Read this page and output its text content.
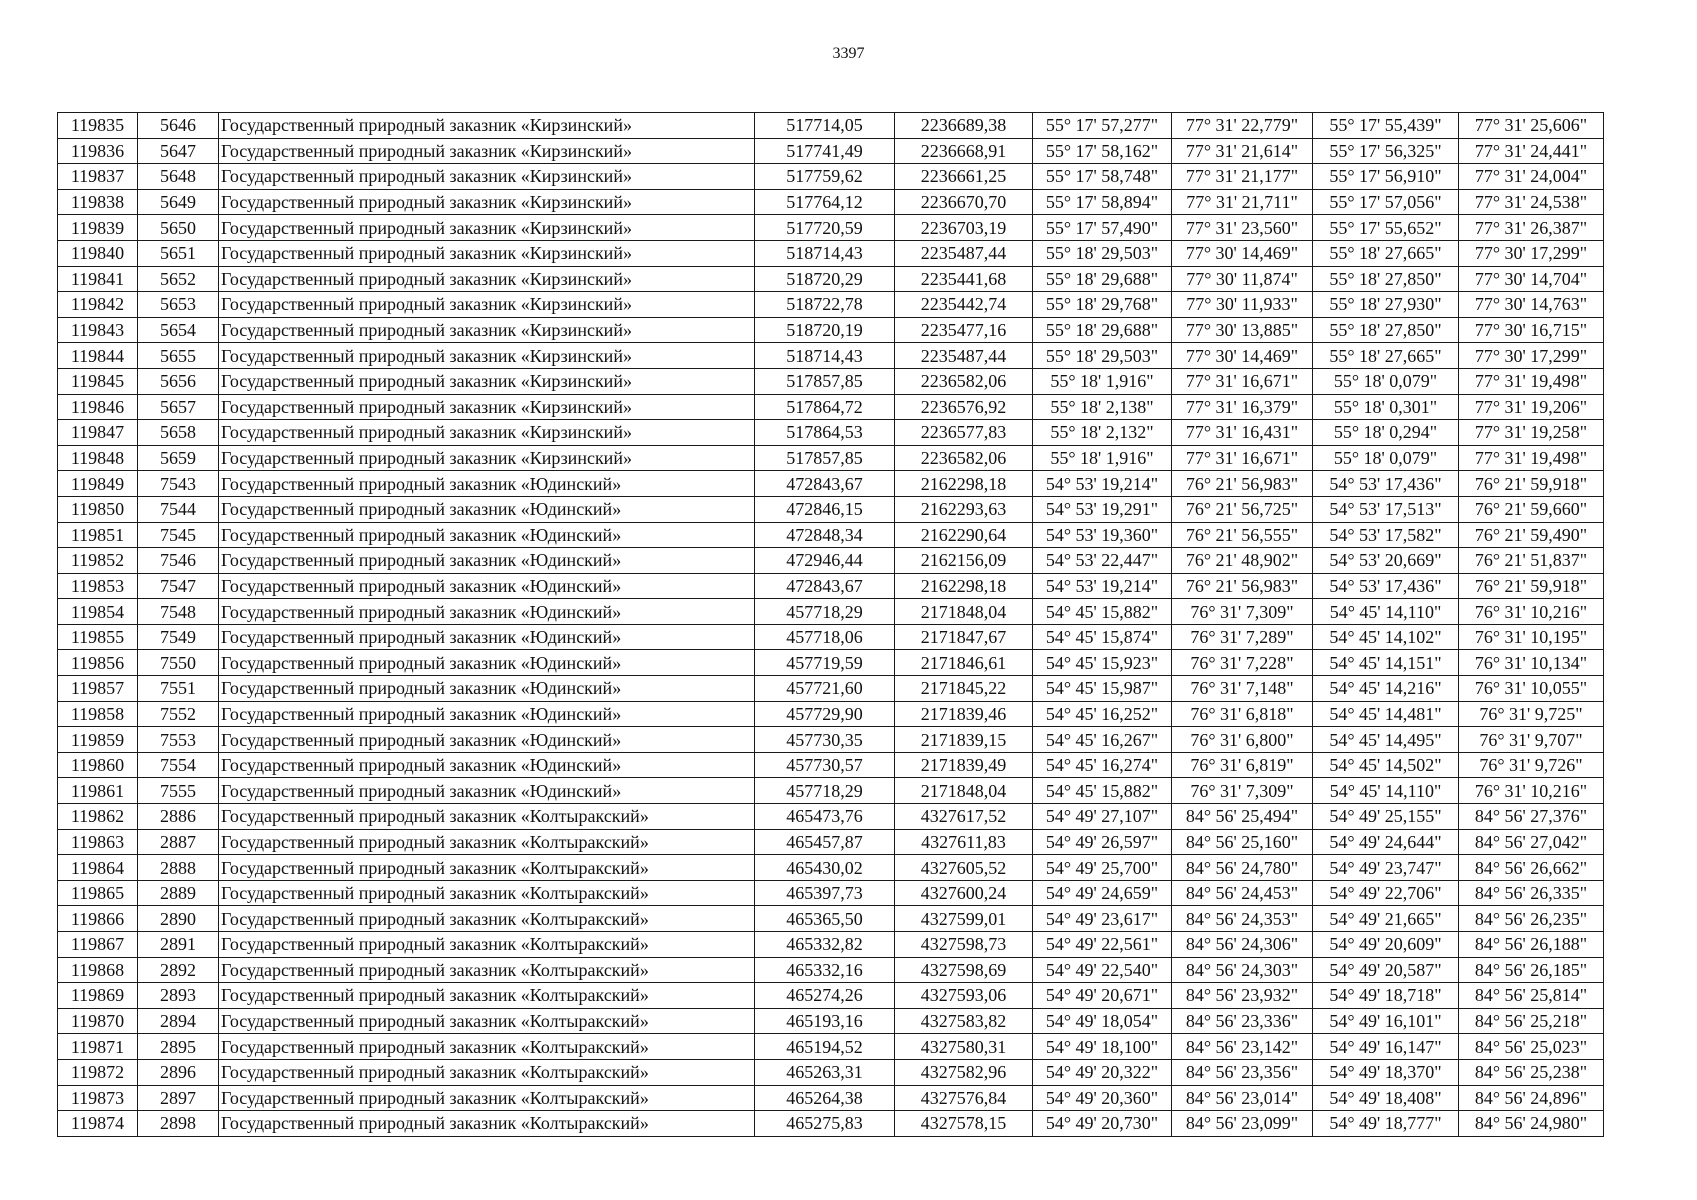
3397
119835	5646	Государственный природный заказник «Кирзинский»	517714,05	2236689,38	55° 17' 57,277"	77° 31' 22,779"	55° 17' 55,439"	77° 31' 25,606"
119836	5647	Государственный природный заказник «Кирзинский»	517741,49	2236668,91	55° 17' 58,162"	77° 31' 21,614"	55° 17' 56,325"	77° 31' 24,441"
119837	5648	Государственный природный заказник «Кирзинский»	517759,62	2236661,25	55° 17' 58,748"	77° 31' 21,177"	55° 17' 56,910"	77° 31' 24,004"
119838	5649	Государственный природный заказник «Кирзинский»	517764,12	2236670,70	55° 17' 58,894"	77° 31' 21,711"	55° 17' 57,056"	77° 31' 24,538"
119839	5650	Государственный природный заказник «Кирзинский»	517720,59	2236703,19	55° 17' 57,490"	77° 31' 23,560"	55° 17' 55,652"	77° 31' 26,387"
119840	5651	Государственный природный заказник «Кирзинский»	518714,43	2235487,44	55° 18' 29,503"	77° 30' 14,469"	55° 18' 27,665"	77° 30' 17,299"
119841	5652	Государственный природный заказник «Кирзинский»	518720,29	2235441,68	55° 18' 29,688"	77° 30' 11,874"	55° 18' 27,850"	77° 30' 14,704"
119842	5653	Государственный природный заказник «Кирзинский»	518722,78	2235442,74	55° 18' 29,768"	77° 30' 11,933"	55° 18' 27,930"	77° 30' 14,763"
119843	5654	Государственный природный заказник «Кирзинский»	518720,19	2235477,16	55° 18' 29,688"	77° 30' 13,885"	55° 18' 27,850"	77° 30' 16,715"
119844	5655	Государственный природный заказник «Кирзинский»	518714,43	2235487,44	55° 18' 29,503"	77° 30' 14,469"	55° 18' 27,665"	77° 30' 17,299"
119845	5656	Государственный природный заказник «Кирзинский»	517857,85	2236582,06	55° 18' 1,916"	77° 31' 16,671"	55° 18' 0,079"	77° 31' 19,498"
119846	5657	Государственный природный заказник «Кирзинский»	517864,72	2236576,92	55° 18' 2,138"	77° 31' 16,379"	55° 18' 0,301"	77° 31' 19,206"
119847	5658	Государственный природный заказник «Кирзинский»	517864,53	2236577,83	55° 18' 2,132"	77° 31' 16,431"	55° 18' 0,294"	77° 31' 19,258"
119848	5659	Государственный природный заказник «Кирзинский»	517857,85	2236582,06	55° 18' 1,916"	77° 31' 16,671"	55° 18' 0,079"	77° 31' 19,498"
119849	7543	Государственный природный заказник «Юдинский»	472843,67	2162298,18	54° 53' 19,214"	76° 21' 56,983"	54° 53' 17,436"	76° 21' 59,918"
119850	7544	Государственный природный заказник «Юдинский»	472846,15	2162293,63	54° 53' 19,291"	76° 21' 56,725"	54° 53' 17,513"	76° 21' 59,660"
119851	7545	Государственный природный заказник «Юдинский»	472848,34	2162290,64	54° 53' 19,360"	76° 21' 56,555"	54° 53' 17,582"	76° 21' 59,490"
119852	7546	Государственный природный заказник «Юдинский»	472946,44	2162156,09	54° 53' 22,447"	76° 21' 48,902"	54° 53' 20,669"	76° 21' 51,837"
119853	7547	Государственный природный заказник «Юдинский»	472843,67	2162298,18	54° 53' 19,214"	76° 21' 56,983"	54° 53' 17,436"	76° 21' 59,918"
119854	7548	Государственный природный заказник «Юдинский»	457718,29	2171848,04	54° 45' 15,882"	76° 31' 7,309"	54° 45' 14,110"	76° 31' 10,216"
119855	7549	Государственный природный заказник «Юдинский»	457718,06	2171847,67	54° 45' 15,874"	76° 31' 7,289"	54° 45' 14,102"	76° 31' 10,195"
119856	7550	Государственный природный заказник «Юдинский»	457719,59	2171846,61	54° 45' 15,923"	76° 31' 7,228"	54° 45' 14,151"	76° 31' 10,134"
119857	7551	Государственный природный заказник «Юдинский»	457721,60	2171845,22	54° 45' 15,987"	76° 31' 7,148"	54° 45' 14,216"	76° 31' 10,055"
119858	7552	Государственный природный заказник «Юдинский»	457729,90	2171839,46	54° 45' 16,252"	76° 31' 6,818"	54° 45' 14,481"	76° 31' 9,725"
119859	7553	Государственный природный заказник «Юдинский»	457730,35	2171839,15	54° 45' 16,267"	76° 31' 6,800"	54° 45' 14,495"	76° 31' 9,707"
119860	7554	Государственный природный заказник «Юдинский»	457730,57	2171839,49	54° 45' 16,274"	76° 31' 6,819"	54° 45' 14,502"	76° 31' 9,726"
119861	7555	Государственный природный заказник «Юдинский»	457718,29	2171848,04	54° 45' 15,882"	76° 31' 7,309"	54° 45' 14,110"	76° 31' 10,216"
119862	2886	Государственный природный заказник «Колтыракский»	465473,76	4327617,52	54° 49' 27,107"	84° 56' 25,494"	54° 49' 25,155"	84° 56' 27,376"
119863	2887	Государственный природный заказник «Колтыракский»	465457,87	4327611,83	54° 49' 26,597"	84° 56' 25,160"	54° 49' 24,644"	84° 56' 27,042"
119864	2888	Государственный природный заказник «Колтыракский»	465430,02	4327605,52	54° 49' 25,700"	84° 56' 24,780"	54° 49' 23,747"	84° 56' 26,662"
119865	2889	Государственный природный заказник «Колтыракский»	465397,73	4327600,24	54° 49' 24,659"	84° 56' 24,453"	54° 49' 22,706"	84° 56' 26,335"
119866	2890	Государственный природный заказник «Колтыракский»	465365,50	4327599,01	54° 49' 23,617"	84° 56' 24,353"	54° 49' 21,665"	84° 56' 26,235"
119867	2891	Государственный природный заказник «Колтыракский»	465332,82	4327598,73	54° 49' 22,561"	84° 56' 24,306"	54° 49' 20,609"	84° 56' 26,188"
119868	2892	Государственный природный заказник «Колтыракский»	465332,16	4327598,69	54° 49' 22,540"	84° 56' 24,303"	54° 49' 20,587"	84° 56' 26,185"
119869	2893	Государственный природный заказник «Колтыракский»	465274,26	4327593,06	54° 49' 20,671"	84° 56' 23,932"	54° 49' 18,718"	84° 56' 25,814"
119870	2894	Государственный природный заказник «Колтыракский»	465193,16	4327583,82	54° 49' 18,054"	84° 56' 23,336"	54° 49' 16,101"	84° 56' 25,218"
119871	2895	Государственный природный заказник «Колтыракский»	465194,52	4327580,31	54° 49' 18,100"	84° 56' 23,142"	54° 49' 16,147"	84° 56' 25,023"
119872	2896	Государственный природный заказник «Колтыракский»	465263,31	4327582,96	54° 49' 20,322"	84° 56' 23,356"	54° 49' 18,370"	84° 56' 25,238"
119873	2897	Государственный природный заказник «Колтыракский»	465264,38	4327576,84	54° 49' 20,360"	84° 56' 23,014"	54° 49' 18,408"	84° 56' 24,896"
119874	2898	Государственный природный заказник «Колтыракский»	465275,83	4327578,15	54° 49' 20,730"	84° 56' 23,099"	54° 49' 18,777"	84° 56' 24,980"
